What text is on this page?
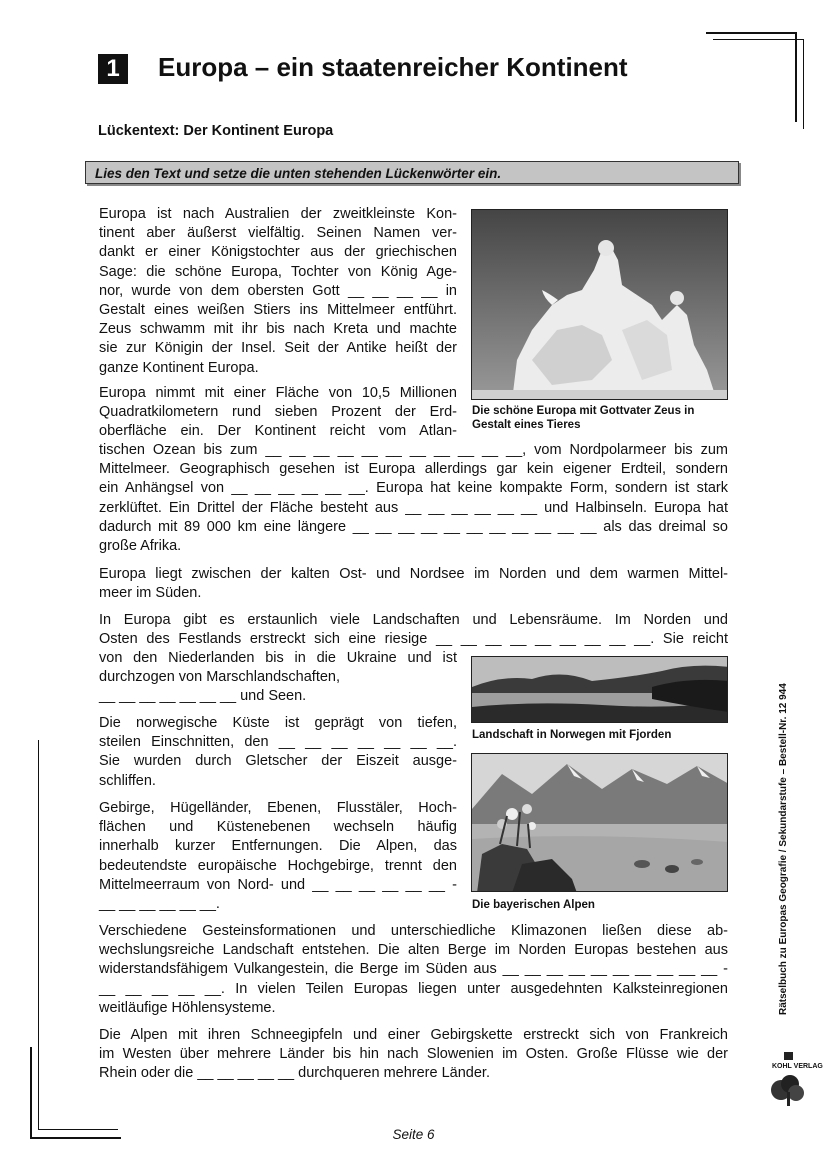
1	Europa – ein staatenreicher Kontinent
Lückentext: Der Kontinent Europa
Lies den Text und setze die unten stehenden Lückenwörter ein.

Europa ist nach Australien der zweitkleinste Kon-

tinent aber äußerst vielfältig. Seinen Namen ver-

dankt er einer Königstochter aus der griechischen

Sage: die schöne Europa, Tochter von König Age-

nor, wurde von dem obersten Gott __ __ __ __ in

Gestalt eines weißen Stiers ins Mittelmeer entführt.

Zeus schwamm mit ihr bis nach Kreta und machte

sie zur Königin der Insel. Seit der Antike heißt der

ganze Kontinent Europa.

Europa nimmt mit einer Fläche von 10,5 Millionen

Quadratkilometern rund sieben Prozent der Erd-

oberfläche ein. Der Kontinent reicht vom Atlan-

tischen Ozean bis zum __ __ __ __ __ __ __ __ __ __ __, vom Nordpolarmeer bis zum

Mittelmeer. Geographisch gesehen ist Europa allerdings gar kein eigener Erdteil, sondern

ein Anhängsel von __ __ __ __ __ __. Europa hat keine kompakte Form, sondern ist stark

zerklüftet. Ein Drittel der Fläche besteht aus __ __ __ __ __ __ und Halbinseln. Europa hat

dadurch mit 89 000 km eine längere __ __ __ __ __ __ __ __ __ __ __ als das dreimal so

große Afrika.

Europa liegt zwischen der kalten Ost- und Nordsee im Norden und dem warmen Mittel-

meer im Süden.

In Europa gibt es erstaunlich viele Landschaften und Lebensräume. Im Norden und

Osten des Festlands erstreckt sich eine riesige __ __ __ __ __ __ __ __ __. Sie reicht

von den Niederlanden bis in die Ukraine und ist

durchzogen von Marschlandschaften,

__ __ __ __ __ __ __ und Seen.

Die norwegische Küste ist geprägt von tiefen,

steilen Einschnitten, den __ __ __ __ __ __ __.

Sie wurden durch Gletscher der Eiszeit ausge-

schliffen.

Gebirge, Hügelländer, Ebenen, Flusstäler, Hoch-

flächen und Küstenebenen wechseln häufig

innerhalb kurzer Entfernungen. Die Alpen, das

bedeutendste europäische Hochgebirge, trennt den

Mittelmeerraum von Nord- und __ __ __ __ __ __ -

__ __ __ __ __ __.

Verschiedene Gesteinsformationen und unterschiedliche Klimazonen ließen diese ab-

wechslungsreiche Landschaft entstehen. Die alten Berge im Norden Europas bestehen aus

widerstandsfähigem Vulkangestein, die Berge im Süden aus __ __ __ __ __ __ __ __ __ __ -

__ __ __ __ __. In vielen Teilen Europas liegen unter ausgedehnten Kalksteinregionen

weitläufige Höhlensysteme.

Die Alpen mit ihren Schneegipfeln und einer Gebirgskette erstreckt sich von Frankreich

im Westen über mehrere Länder bis hin nach Slowenien im Osten. Große Flüsse wie der

Rhein oder die __ __ __ __ __ durchqueren mehrere Länder.

Die schöne Europa mit Gottvater Zeus in
Gestalt eines Tieres
Landschaft in Norwegen mit Fjorden
Die bayerischen Alpen	Rätselbuch zu Europas Geografie / Sekundarstufe – Bestell-Nr. 12 944
KOHL VERLAG
Seite 6
